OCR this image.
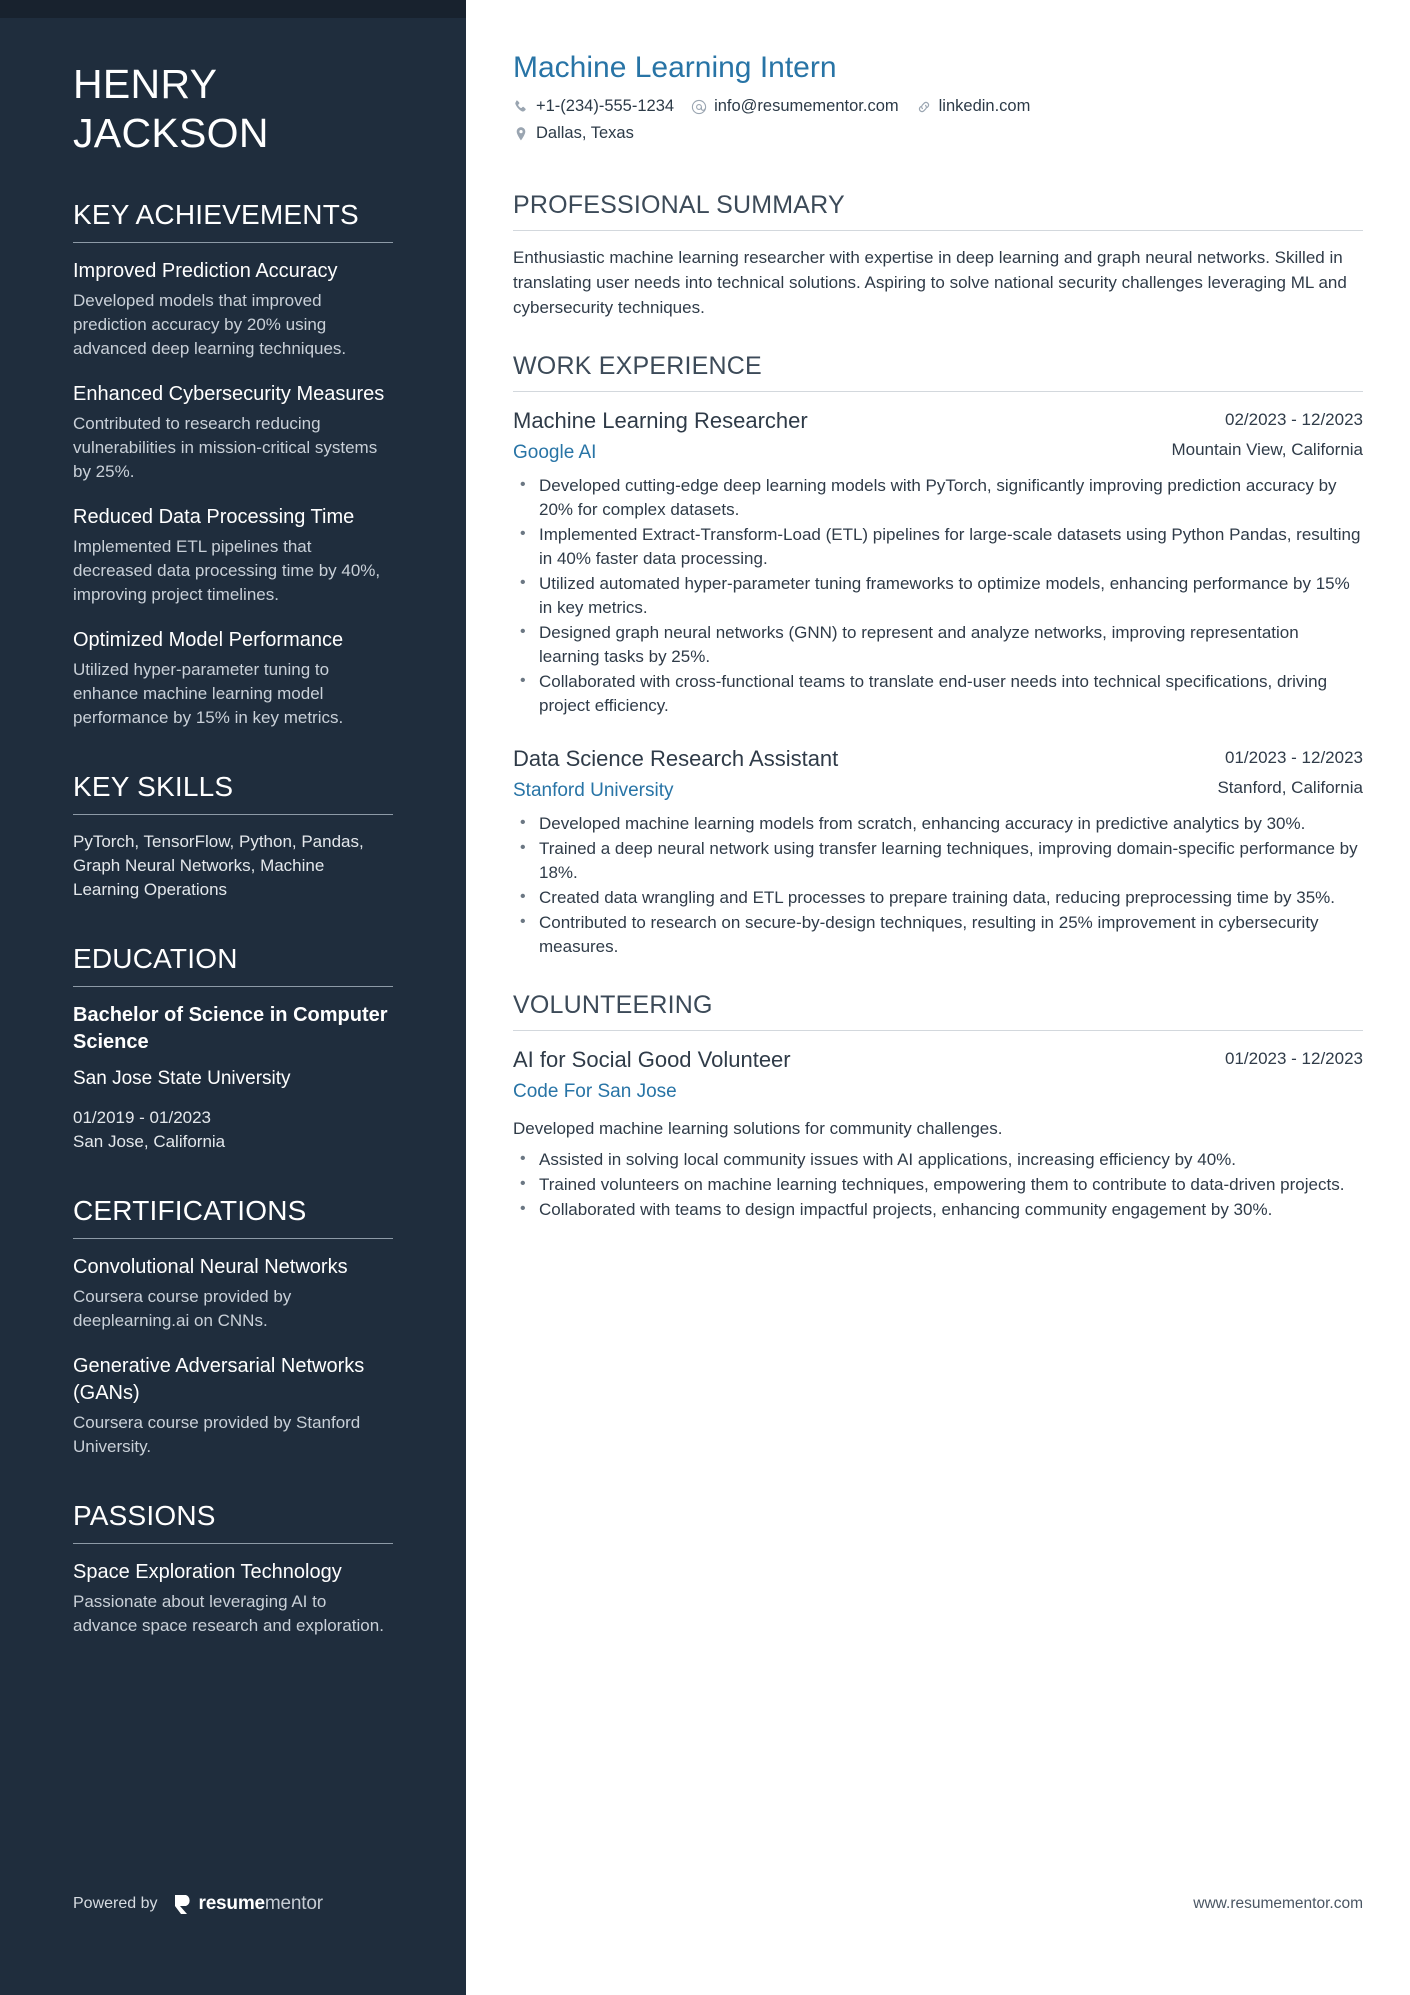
HENRY
JACKSON
KEY ACHIEVEMENTS
Improved Prediction Accuracy
Developed models that improved prediction accuracy by 20% using advanced deep learning techniques.
Enhanced Cybersecurity Measures
Contributed to research reducing vulnerabilities in mission-critical systems by 25%.
Reduced Data Processing Time
Implemented ETL pipelines that decreased data processing time by 40%, improving project timelines.
Optimized Model Performance
Utilized hyper-parameter tuning to enhance machine learning model performance by 15% in key metrics.
KEY SKILLS
PyTorch, TensorFlow, Python, Pandas, Graph Neural Networks, Machine Learning Operations
EDUCATION
Bachelor of Science in Computer Science
San Jose State University
01/2019 - 01/2023
San Jose, California
CERTIFICATIONS
Convolutional Neural Networks
Coursera course provided by deeplearning.ai on CNNs.
Generative Adversarial Networks (GANs)
Coursera course provided by Stanford University.
PASSIONS
Space Exploration Technology
Passionate about leveraging AI to advance space research and exploration.
Powered by resumementor
Machine Learning Intern
+1-(234)-555-1234 info@resumementor.com linkedin.com
Dallas, Texas
PROFESSIONAL SUMMARY

Enthusiastic machine learning researcher with expertise in deep learning and graph neural networks. Skilled in translating user needs into technical solutions. Aspiring to solve national security challenges leveraging ML and cybersecurity techniques.

WORK EXPERIENCE
Machine Learning Researcher
Google AI
02/2023 - 12/2023
Mountain View, California
• Developed cutting-edge deep learning models with PyTorch, significantly improving prediction accuracy by 20% for complex datasets.
• Implemented Extract-Transform-Load (ETL) pipelines for large-scale datasets using Python Pandas, resulting in 40% faster data processing.
• Utilized automated hyper-parameter tuning frameworks to optimize models, enhancing performance by 15% in key metrics.
• Designed graph neural networks (GNN) to represent and analyze networks, improving representation learning tasks by 25%.
• Collaborated with cross-functional teams to translate end-user needs into technical specifications, driving project efficiency.
Data Science Research Assistant
Stanford University
01/2023 - 12/2023
Stanford, California
• Developed machine learning models from scratch, enhancing accuracy in predictive analytics by 30%.
• Trained a deep neural network using transfer learning techniques, improving domain-specific performance by 18%.
• Created data wrangling and ETL processes to prepare training data, reducing preprocessing time by 35%.
• Contributed to research on secure-by-design techniques, resulting in 25% improvement in cybersecurity measures.
VOLUNTEERING
AI for Social Good Volunteer
Code For San Jose
01/2023 - 12/2023

Developed machine learning solutions for community challenges.

• Assisted in solving local community issues with AI applications, increasing efficiency by 40%.
• Trained volunteers on machine learning techniques, empowering them to contribute to data-driven projects.
• Collaborated with teams to design impactful projects, enhancing community engagement by 30%.
www.resumementor.com
